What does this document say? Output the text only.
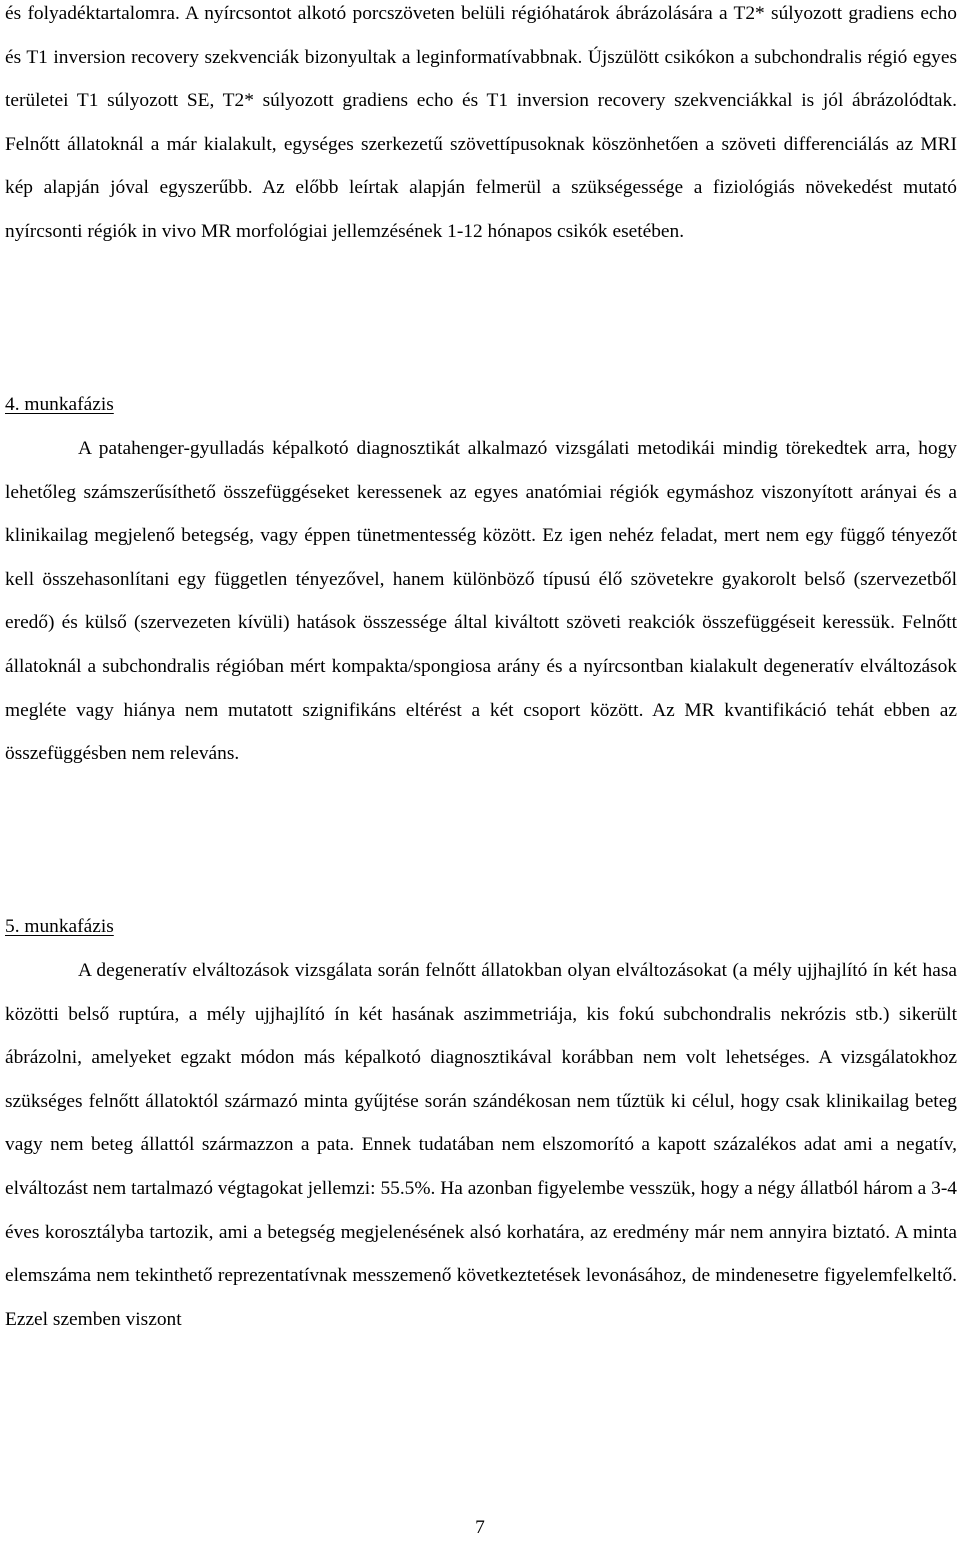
és folyadéktartalomra. A nyírcsontot alkotó porcszöveten belüli régióhatárok ábrázolására a T2* súlyozott gradiens echo és T1 inversion recovery szekvenciák bizonyultak a leginformatívabbnak. Újszülött csikókon a subchondralis régió egyes területei T1 súlyozott SE, T2* súlyozott gradiens echo és T1 inversion recovery szekvenciákkal is jól ábrázolódtak. Felnőtt állatoknál a már kialakult, egységes szerkezetű szövettípusoknak köszönhetően a szöveti differenciálás az MRI kép alapján jóval egyszerűbb. Az előbb leírtak alapján felmerül a szükségessége a fiziológiás növekedést mutató nyírcsonti régiók in vivo MR morfológiai jellemzésének 1-12 hónapos csikók esetében.

4. munkafázis

A patahenger-gyulladás képalkotó diagnosztikát alkalmazó vizsgálati metodikái mindig törekedtek arra, hogy lehetőleg számszerűsíthető összefüggéseket keressenek az egyes anatómiai régiók egymáshoz viszonyított arányai és a klinikailag megjelenő betegség, vagy éppen tünetmentesség között. Ez igen nehéz feladat, mert nem egy függő tényezőt kell összehasonlítani egy független tényezővel, hanem különböző típusú élő szövetekre gyakorolt belső (szervezetből eredő) és külső (szervezeten kívüli) hatások összessége által kiváltott szöveti reakciók összefüggéseit keressük. Felnőtt állatoknál a subchondralis régióban mért kompakta/spongiosa arány és a nyírcsontban kialakult degeneratív elváltozások megléte vagy hiánya nem mutatott szignifikáns eltérést a két csoport között. Az MR kvantifikáció tehát ebben az összefüggésben nem releváns.

5. munkafázis

A degeneratív elváltozások vizsgálata során felnőtt állatokban olyan elváltozásokat (a mély ujjhajlító ín két hasa közötti belső ruptúra, a mély ujjhajlító ín két hasának aszimmetriája, kis fokú subchondralis nekrózis stb.) sikerült ábrázolni, amelyeket egzakt módon más képalkotó diagnosztikával korábban nem volt lehetséges. A vizsgálatokhoz szükséges felnőtt állatoktól származó minta gyűjtése során szándékosan nem tűztük ki célul, hogy csak klinikailag beteg vagy nem beteg állattól származzon a pata. Ennek tudatában nem elszomorító a kapott százalékos adat ami a negatív, elváltozást nem tartalmazó végtagokat jellemzi: 55.5%. Ha azonban figyelembe vesszük, hogy a négy állatból három a 3-4 éves korosztályba tartozik, ami a betegség megjelenésének alsó korhatára, az eredmény már nem annyira biztató. A minta elemszáma nem tekinthető reprezentatívnak messzemenő következtetések levonásához, de mindenesetre figyelemfelkeltő. Ezzel szemben viszont

7
